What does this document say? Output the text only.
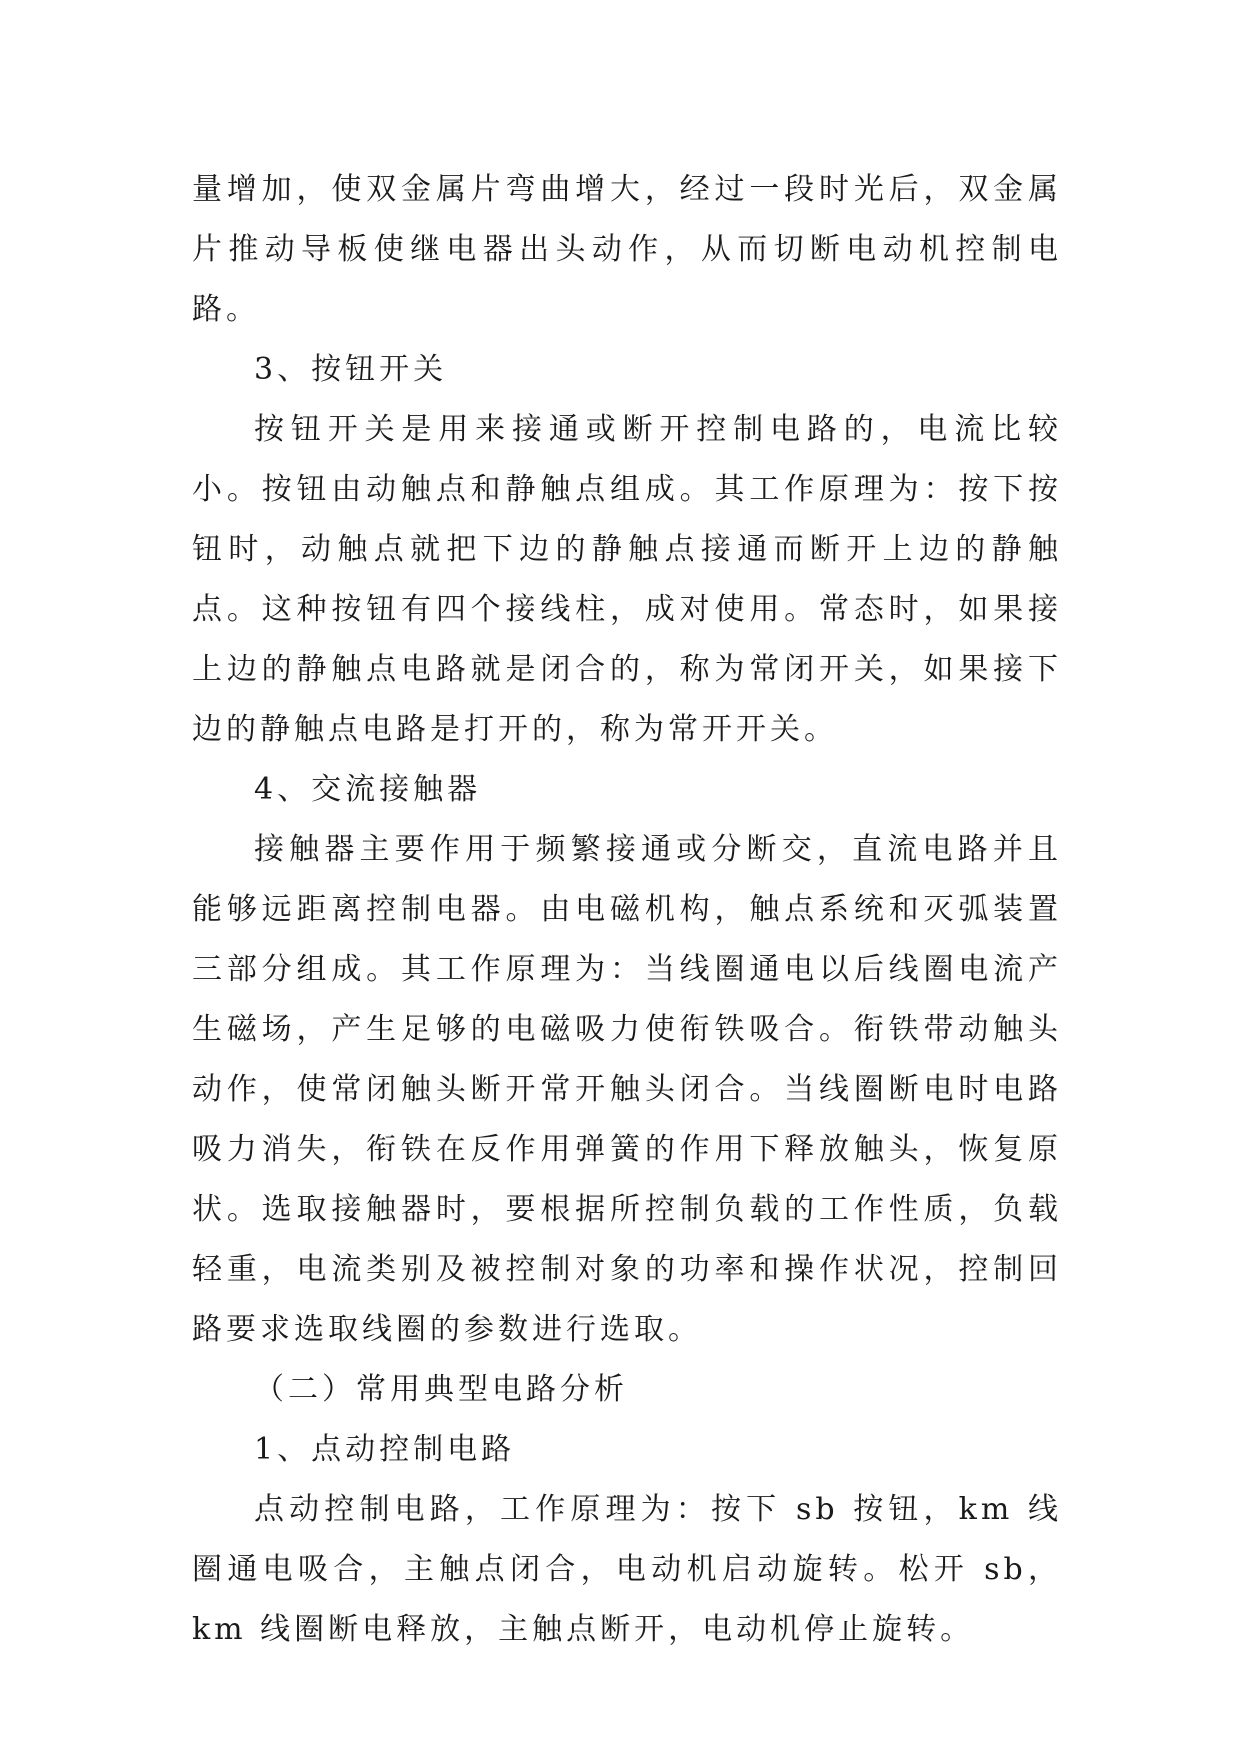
量增加，使双金属片弯曲增大，经过一段时光后，双金属片推动导板使继电器出头动作，从而切断电动机控制电路。

3、按钮开关

按钮开关是用来接通或断开控制电路的，电流比较小。按钮由动触点和静触点组成。其工作原理为：按下按钮时，动触点就把下边的静触点接通而断开上边的静触点。这种按钮有四个接线柱，成对使用。常态时，如果接上边的静触点电路就是闭合的，称为常闭开关，如果接下边的静触点电路是打开的，称为常开开关。

4、交流接触器

接触器主要作用于频繁接通或分断交，直流电路并且能够远距离控制电器。由电磁机构，触点系统和灭弧装置三部分组成。其工作原理为：当线圈通电以后线圈电流产生磁场，产生足够的电磁吸力使衔铁吸合。衔铁带动触头动作，使常闭触头断开常开触头闭合。当线圈断电时电路吸力消失，衔铁在反作用弹簧的作用下释放触头，恢复原状。选取接触器时，要根据所控制负载的工作性质，负载轻重，电流类别及被控制对象的功率和操作状况，控制回路要求选取线圈的参数进行选取。

（二）常用典型电路分析

1、点动控制电路

点动控制电路，工作原理为：按下 sb 按钮，km 线圈通电吸合，主触点闭合，电动机启动旋转。松开 sb，km 线圈断电释放，主触点断开，电动机停止旋转。
